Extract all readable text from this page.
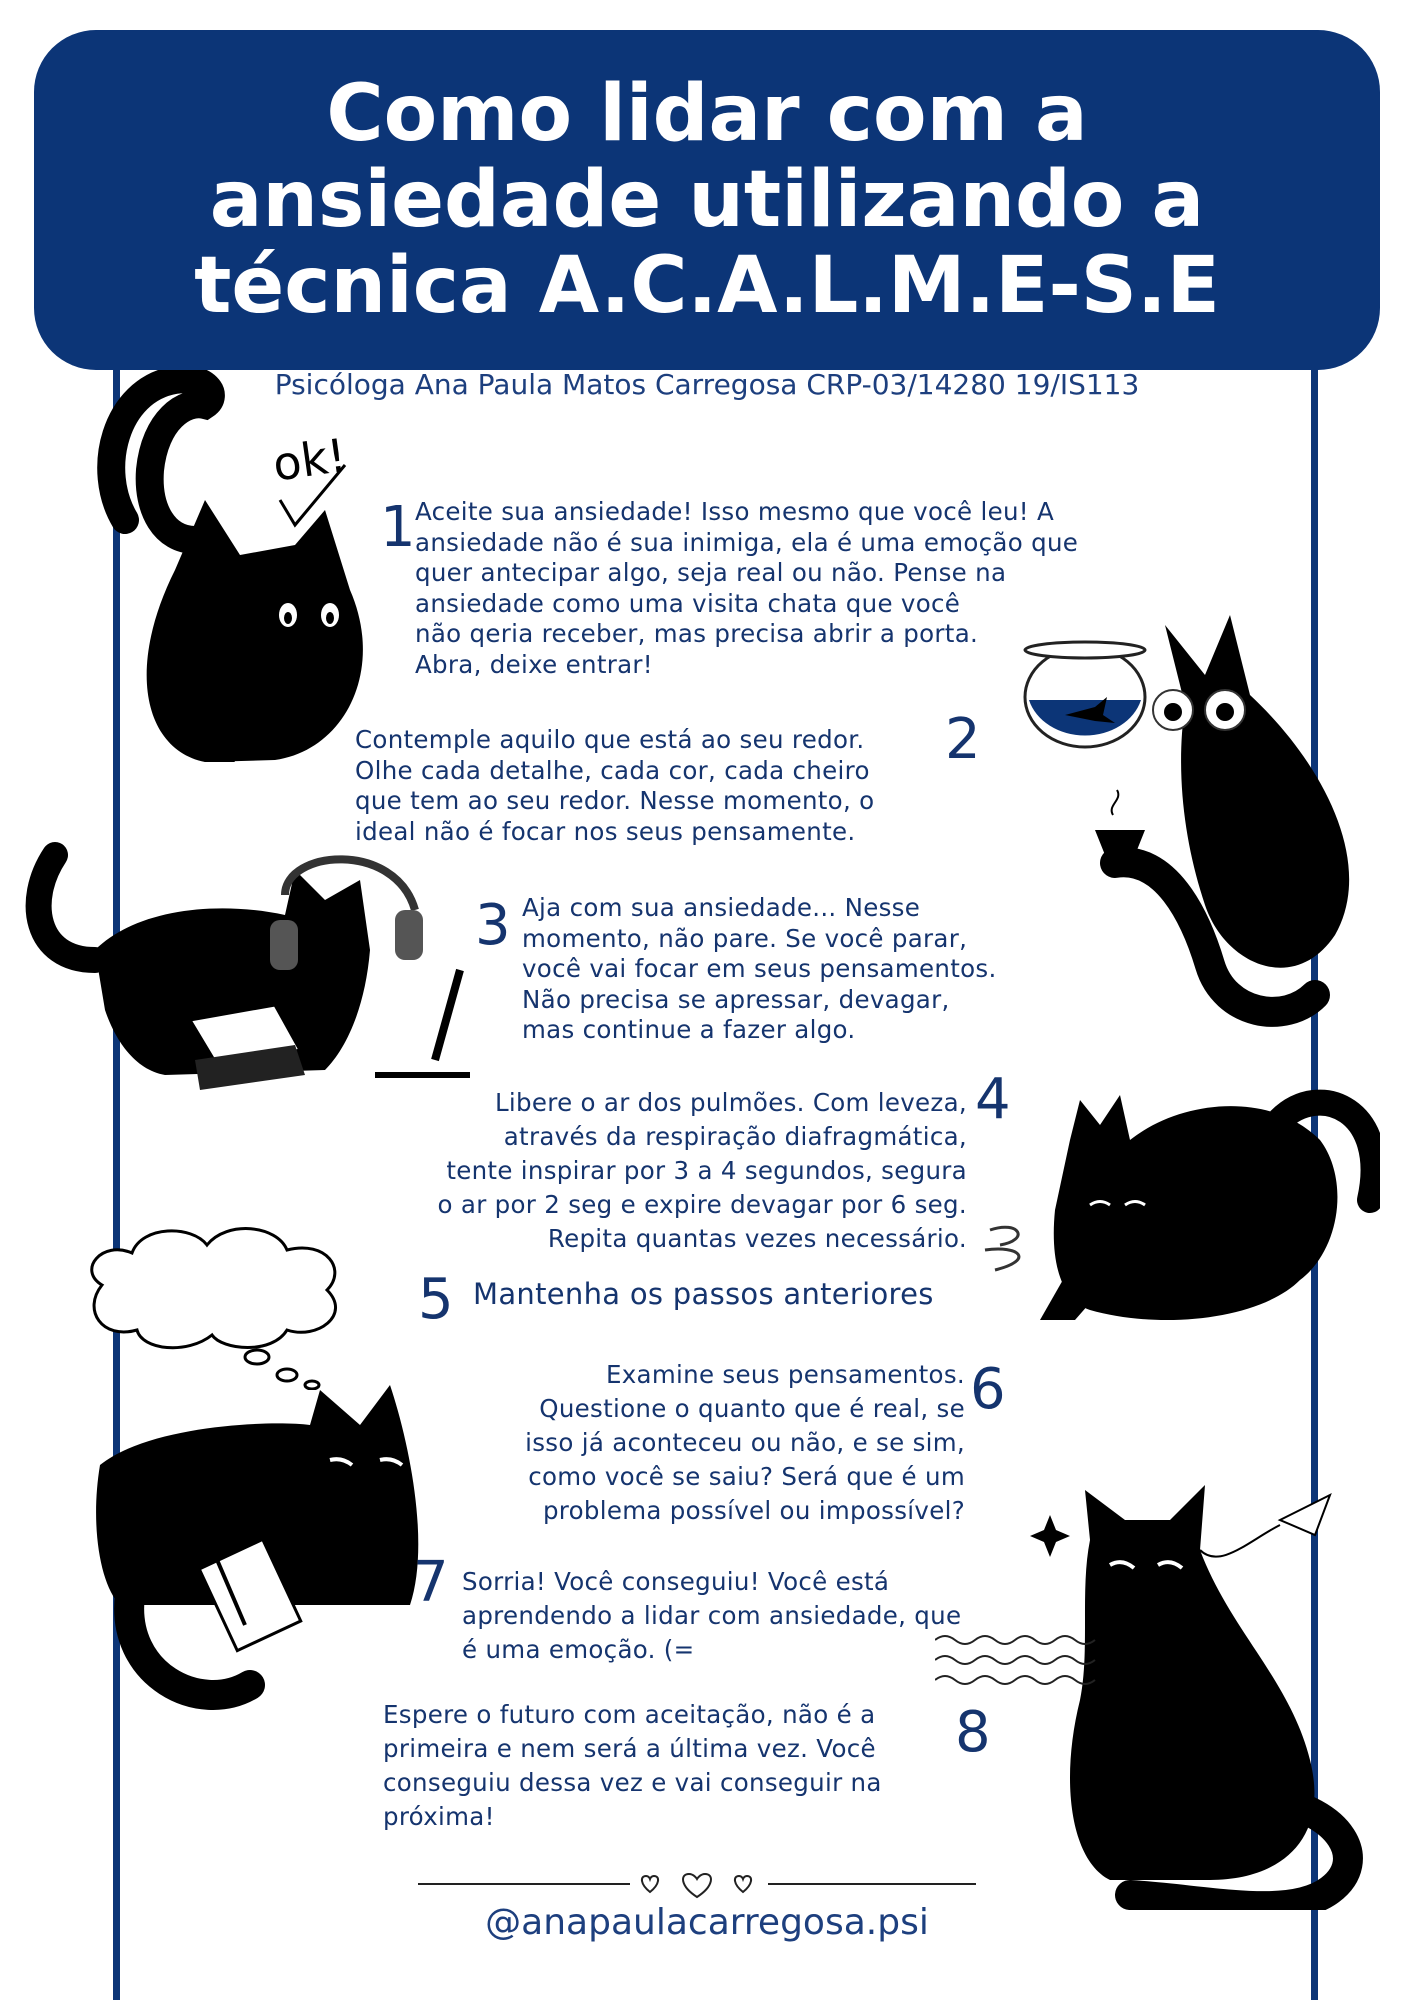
Como lidar com a
ansiedade utilizando a
técnica A.C.A.L.M.E-S.E
Psicóloga Ana Paula Matos Carregosa CRP-03/14280 19/IS113
ok!
1 Aceite sua ansiedade! Isso mesmo que você leu! A
ansiedade não é sua inimiga, ela é uma emoção que
quer antecipar algo, seja real ou não. Pense na
ansiedade como uma visita chata que você
não qeria receber, mas precisa abrir a porta.
Abra, deixe entrar!
Contemple aquilo que está ao seu redor.
Olhe cada detalhe, cada cor, cada cheiro
que tem ao seu redor. Nesse momento, o
ideal não é focar nos seus pensamente.
2
3 Aja com sua ansiedade... Nesse
momento, não pare. Se você parar,
você vai focar em seus pensamentos.
Não precisa se apressar, devagar,
mas continue a fazer algo.
Libere o ar dos pulmões. Com leveza,
através da respiração diafragmática,
tente inspirar por 3 a 4 segundos, segura
o ar por 2 seg e expire devagar por 6 seg.
Repita quantas vezes necessário.
4
5 Mantenha os passos anteriores
Examine seus pensamentos.
Questione o quanto que é real, se
isso já aconteceu ou não, e se sim,
como você se saiu? Será que é um
problema possível ou impossível?
6
7 Sorria! Você conseguiu! Você está
aprendendo a lidar com ansiedade, que
é uma emoção. (=
Espere o futuro com aceitação, não é a
primeira e nem será a última vez. Você
conseguiu dessa vez e vai conseguir na
próxima!
8
@anapaulacarregosa.psi
